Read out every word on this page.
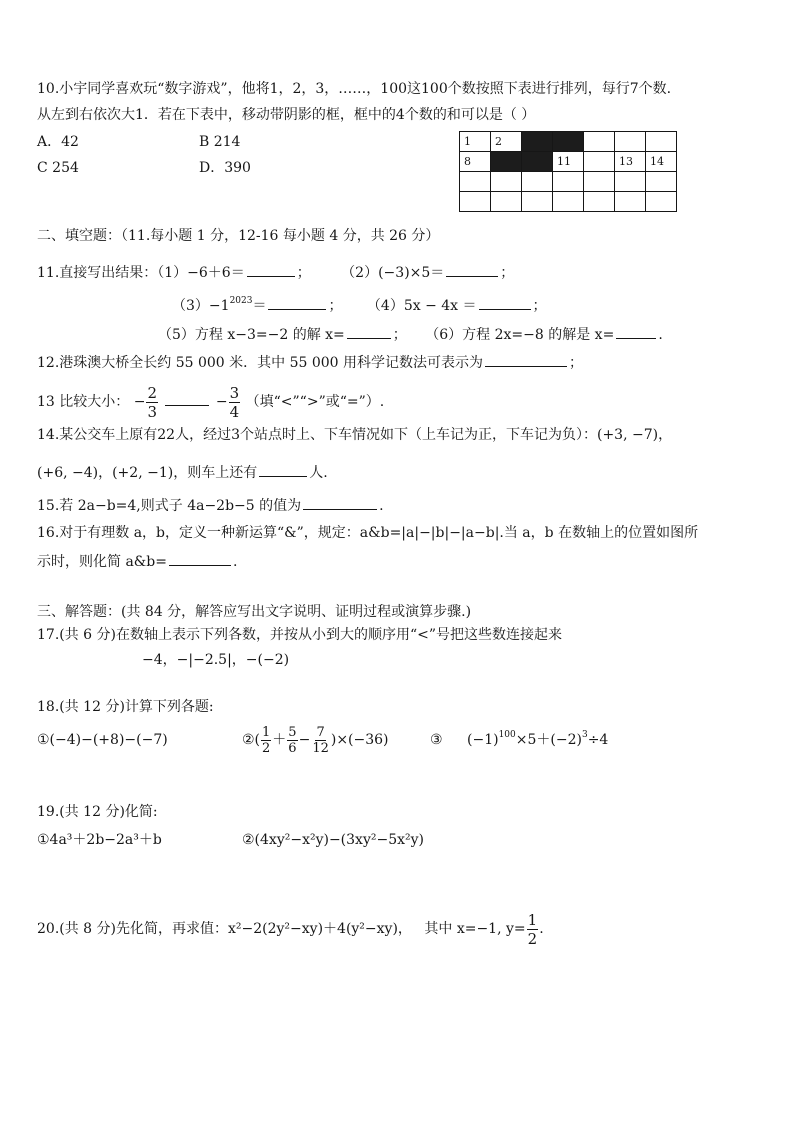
10.小宇同学喜欢玩“数字游戏”，他将1，2，3，……，100这100个数按照下表进行排列，每行7个数.
从左到右依次大1．若在下表中，移动带阴影的框，框中的4个数的和可以是（ ）
A．42	B 214
C 254	D．390
1	2					
8			11		13	14

二、填空题：（11.每小题 1 分，12-16 每小题 4 分，共 26 分）
11.直接写出结果：（1）−6＋6＝	； （2）(−3)×5＝	；
$(3)-1^{2023}=$	； （4）5x − 4x ＝	；
（5）方程 x−3=−2 的解 x=	； （6）方程 2x=−8 的解是 x=	.
12.港珠澳大桥全长约 55 000 米．其中 55 000 用科学记数法可表示为	；
13 比较大小： − $\frac{2}{3}$	− $\frac{3}{4}$ （填“<”“>”或“=”）.
14.某公交车上原有22人，经过3个站点时上、下车情况如下（上车记为正，下车记为负）：(+3, −7)，
(+6, −4)，(+2, −1)，则车上还有	人.
15.若 2a−b=4,则式子 4a−2b−5 的值为	.
16.对于有理数 a，b，定义一种新运算“&”，规定：a&b=|a|−|b|−|a−b|.当 a，b 在数轴上的位置如图所
示时，则化简 a&b=	.
三、解答题：(共 84 分，解答应写出文字说明、证明过程或演算步骤.)
17.(共 6 分)在数轴上表示下列各数，并按从小到大的顺序用“<”号把这些数连接起来
−4，−|−2.5|，−(−2)
18.(共 12 分)计算下列各题:
①(−4)−(+8)−(−7)	②( $\frac{1}{2} + \frac{5}{6} - \frac{7}{12} )\times(-36)$	③ $(-1)^{100}\times 5+(-2)^3\div 4$
19.(共 12 分)化简:
①4a³＋2b−2a³＋b	②(4xy²−x²y)−(3xy²−5x²y)
20.(共 8 分)先化简，再求值：x²−2(2y²−xy)＋4(y²−xy)， 其中 x=−1, $y= \frac{1}{2}$ .
